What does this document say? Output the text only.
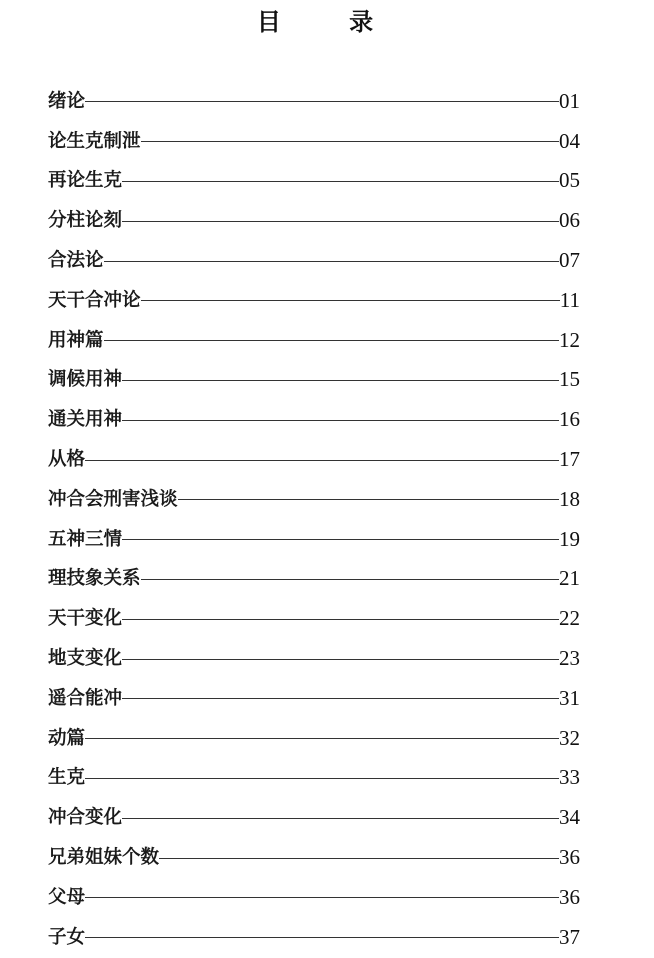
目 录
绪论	01
论生克制泄	04
再论生克	05
分柱论刻	06
合法论	07
天干合冲论	11
用神篇	12
调候用神	15
通关用神	16
从格	17
冲合会刑害浅谈	18
五神三情	19
理技象关系	21
天干变化	22
地支变化	23
遥合能冲	31
动篇	32
生克	33
冲合变化	34
兄弟姐妹个数	36
父母	36
子女	37
